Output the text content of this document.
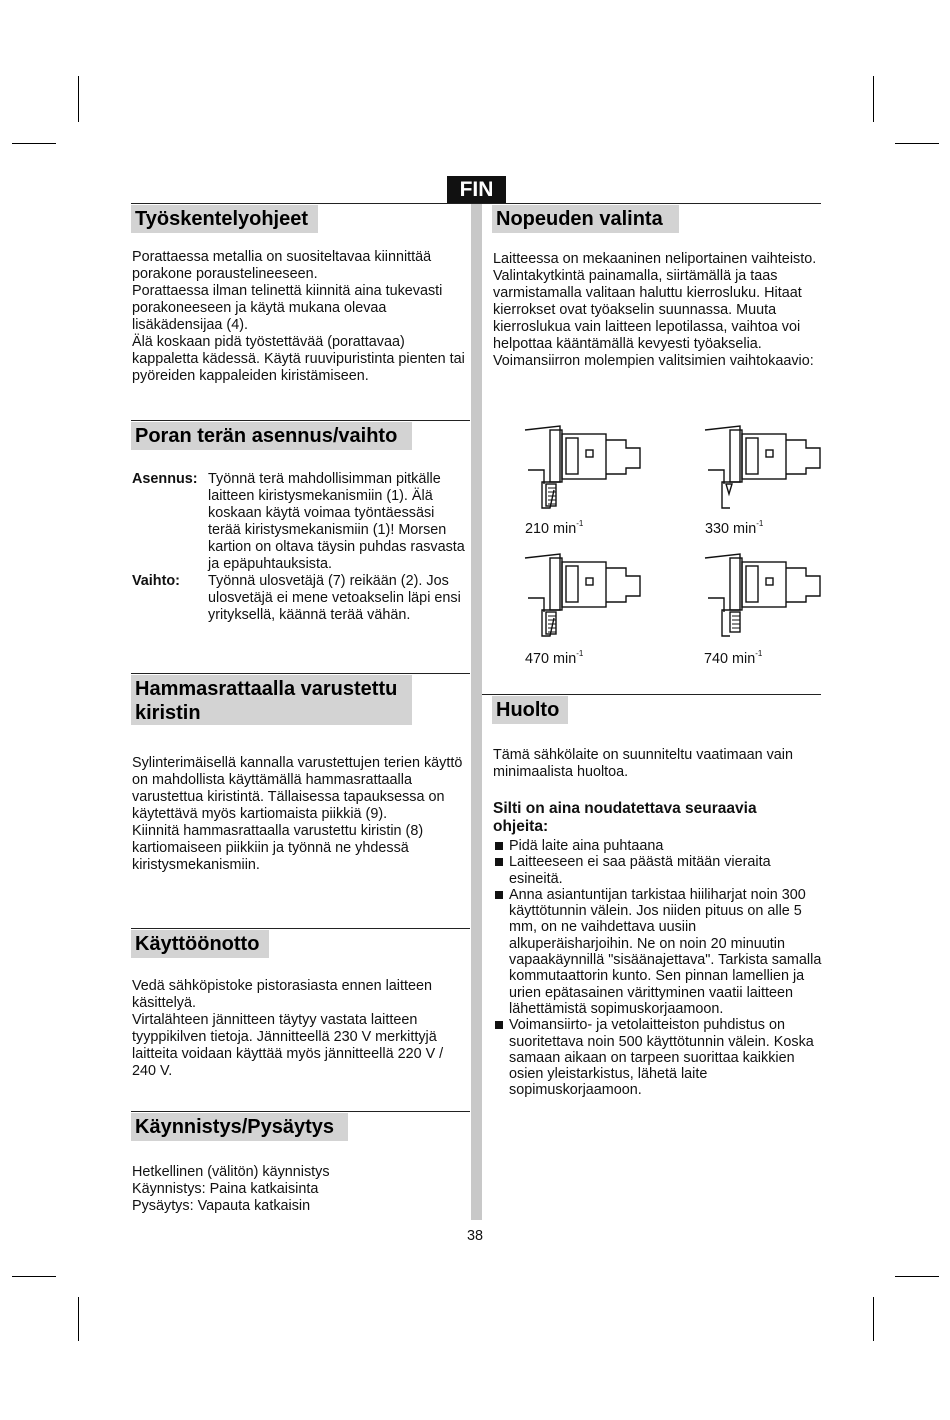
FIN
Työskentelyohjeet

Porattaessa metallia on suositeltavaa kiinnittää porakone poraustelineeseen.

Porattaessa ilman telinettä kiinnitä aina tukevasti porakoneeseen ja käytä mukana olevaa lisäkädensijaa (4).

Älä koskaan pidä työstettävää (porattavaa) kappaletta kädessä. Käytä ruuvipuristinta pienten tai pyöreiden kappaleiden kiristämiseen.

Poran terän asennus/vaihto
Asennus: Työnnä terä mahdollisimman pitkälle laitteen kiristysmekanismiin (1). Älä koskaan käytä voimaa työntäessäsi terää kiristysmekanismiin (1)! Morsen kartion on oltava täysin puhdas rasvasta ja epäpuhtauksista.
Vaihto:	Työnnä ulosvetäjä (7) reikään (2). Jos ulosvetäjä ei mene vetoakselin läpi ensi yrityksellä, käännä terää vähän.
Hammasrattaalla varustettu
kiristin

Sylinterimäisellä kannalla varustettujen terien käyttö on mahdollista käyttämällä hammasrattaalla varustettua kiristintä. Tällaisessa tapauksessa on käytettävä myös kartiomaista piikkiä (9).

Kiinnitä hammasrattaalla varustettu kiristin (8) kartiomaiseen piikkiin ja työnnä ne yhdessä kiristysmekanismiin.

Käyttöönotto

Vedä sähköpistoke pistorasiasta ennen laitteen käsittelyä.

Virtalähteen jännitteen täytyy vastata laitteen tyyppikilven tietoja. Jännitteellä 230 V merkittyjä laitteita voidaan käyttää myös jännitteellä 220 V / 240 V.

Käynnistys/Pysäytys

Hetkellinen (välitön) käynnistys

Käynnistys: Paina katkaisinta

Pysäytys: Vapauta katkaisin

Nopeuden valinta

Laitteessa on mekaaninen neliportainen vaihteisto. Valintakytkintä painamalla, siirtämällä ja taas varmistamalla valitaan haluttu kierrosluku. Hitaat kierrokset ovat työakselin suunnassa. Muuta kierroslukua vain laitteen lepotilassa, vaihtoa voi helpottaa kääntämällä kevyesti työakselia.

Voimansiirron molempien valitsimien vaihtokaavio:

210 $\min^{-1}$	330 $\min^{-1}$
470 $\min^{-1}$	740 $\min^{-1}$
Huolto
Tämä sähkölaite on suunniteltu vaatimaan vain minimaalista huoltoa.
Silti on aina noudatettava seuraavia
ohjeita:
Pidä laite aina puhtaana
Laitteeseen ei saa päästä mitään vieraita esineitä.
Anna asiantuntijan tarkistaa hiiliharjat noin 300 käyttötunnin välein. Jos niiden pituus on alle 5 mm, on ne vaihdettava uusiin alkuperäisharjoihin. Ne on noin 20 minuutin vapaakäynnillä "sisäänajettava". Tarkista samalla kommutaattorin kunto. Sen pinnan lamellien ja urien epätasainen värittyminen vaatii laitteen lähettämistä sopimuskorjaamoon.
Voimansiirto- ja vetolaitteiston puhdistus on suoritettava noin 500 käyttötunnin välein. Koska samaan aikaan on tarpeen suorittaa kaikkien osien yleistarkistus, lähetä laite sopimuskorjaamoon.
38
